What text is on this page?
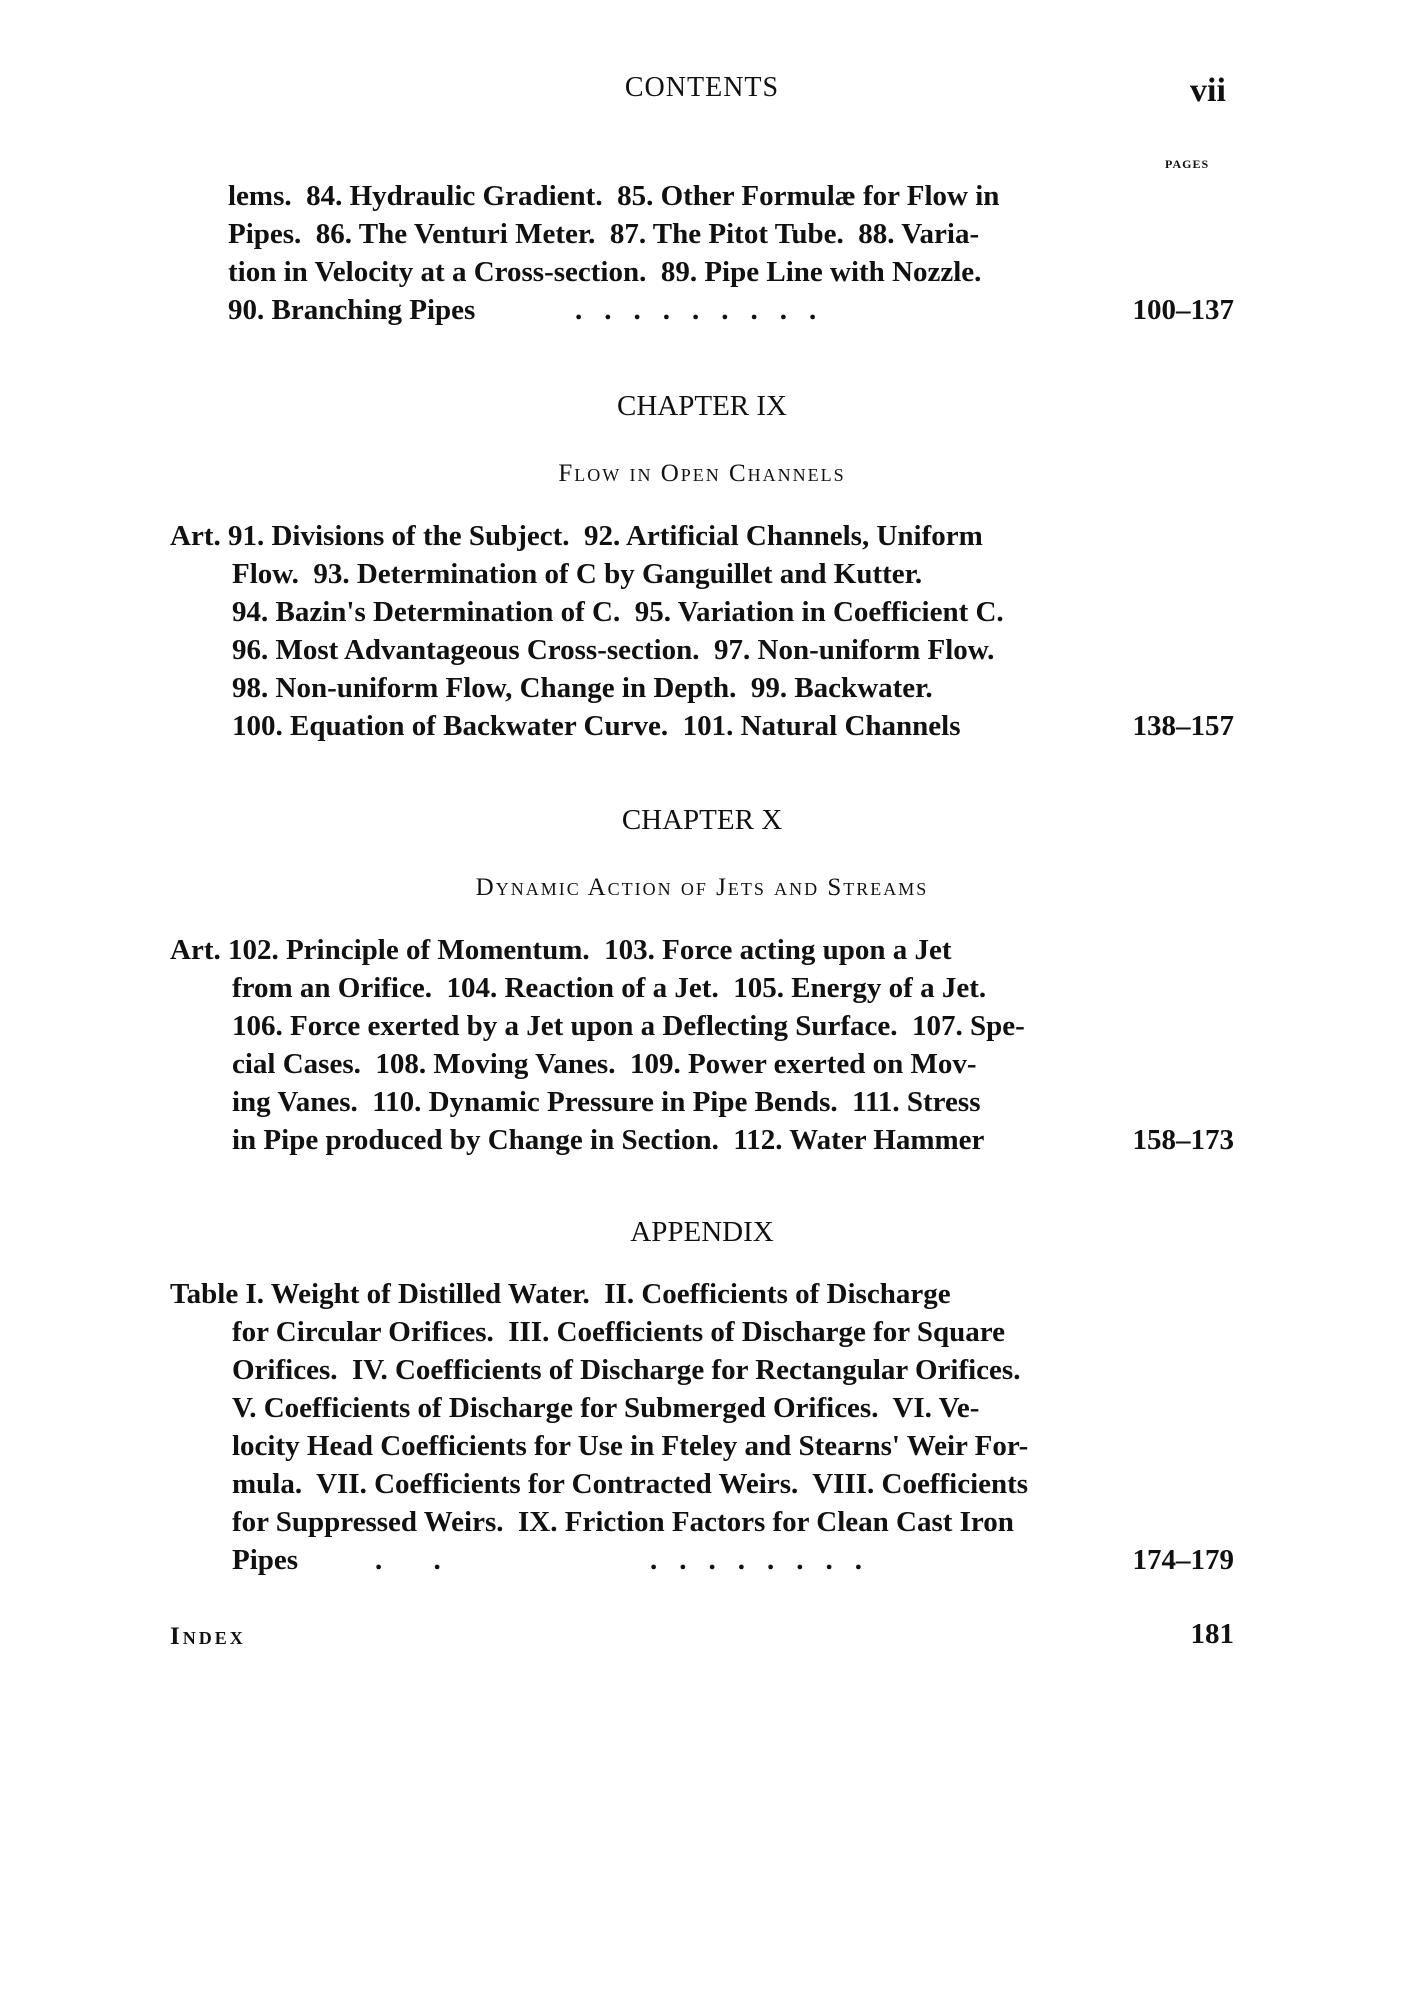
CONTENTS	vii
PAGES
lems.  84. Hydraulic Gradient.  85. Other Formulæ for Flow in
Pipes.  86. The Venturi Meter.  87. The Pitot Tube.  88. Varia-
tion in Velocity at a Cross-section.  89. Pipe Line with Nozzle.
90. Branching Pipes	.........	100–137
CHAPTER IX
Flow in Open Channels
Art. 91. Divisions of the Subject.  92. Artificial Channels, Uniform
Flow.  93. Determination of C by Ganguillet and Kutter.
94. Bazin's Determination of C.  95. Variation in Coefficient C.
96. Most Advantageous Cross-section.  97. Non-uniform Flow.
98. Non-uniform Flow, Change in Depth.  99. Backwater.
100. Equation of Backwater Curve.  101. Natural Channels	138–157
CHAPTER X
Dynamic Action of Jets and Streams
Art. 102. Principle of Momentum.  103. Force acting upon a Jet
from an Orifice.  104. Reaction of a Jet.  105. Energy of a Jet.
106. Force exerted by a Jet upon a Deflecting Surface.  107. Spe-
cial Cases.  108. Moving Vanes.  109. Power exerted on Mov-
ing Vanes.  110. Dynamic Pressure in Pipe Bends.  111. Stress
in Pipe produced by Change in Section.  112. Water Hammer	158–173
APPENDIX
Table I. Weight of Distilled Water.  II. Coefficients of Discharge
for Circular Orifices.  III. Coefficients of Discharge for Square
Orifices.  IV. Coefficients of Discharge for Rectangular Orifices.
V. Coefficients of Discharge for Submerged Orifices.  VI. Ve-
locity Head Coefficients for Use in Fteley and Stearns' Weir For-
mula.  VII. Coefficients for Contracted Weirs.  VIII. Coefficients
for Suppressed Weirs.  IX. Friction Factors for Clean Cast Iron
Pipes	. .	........	174–179
Index	181
